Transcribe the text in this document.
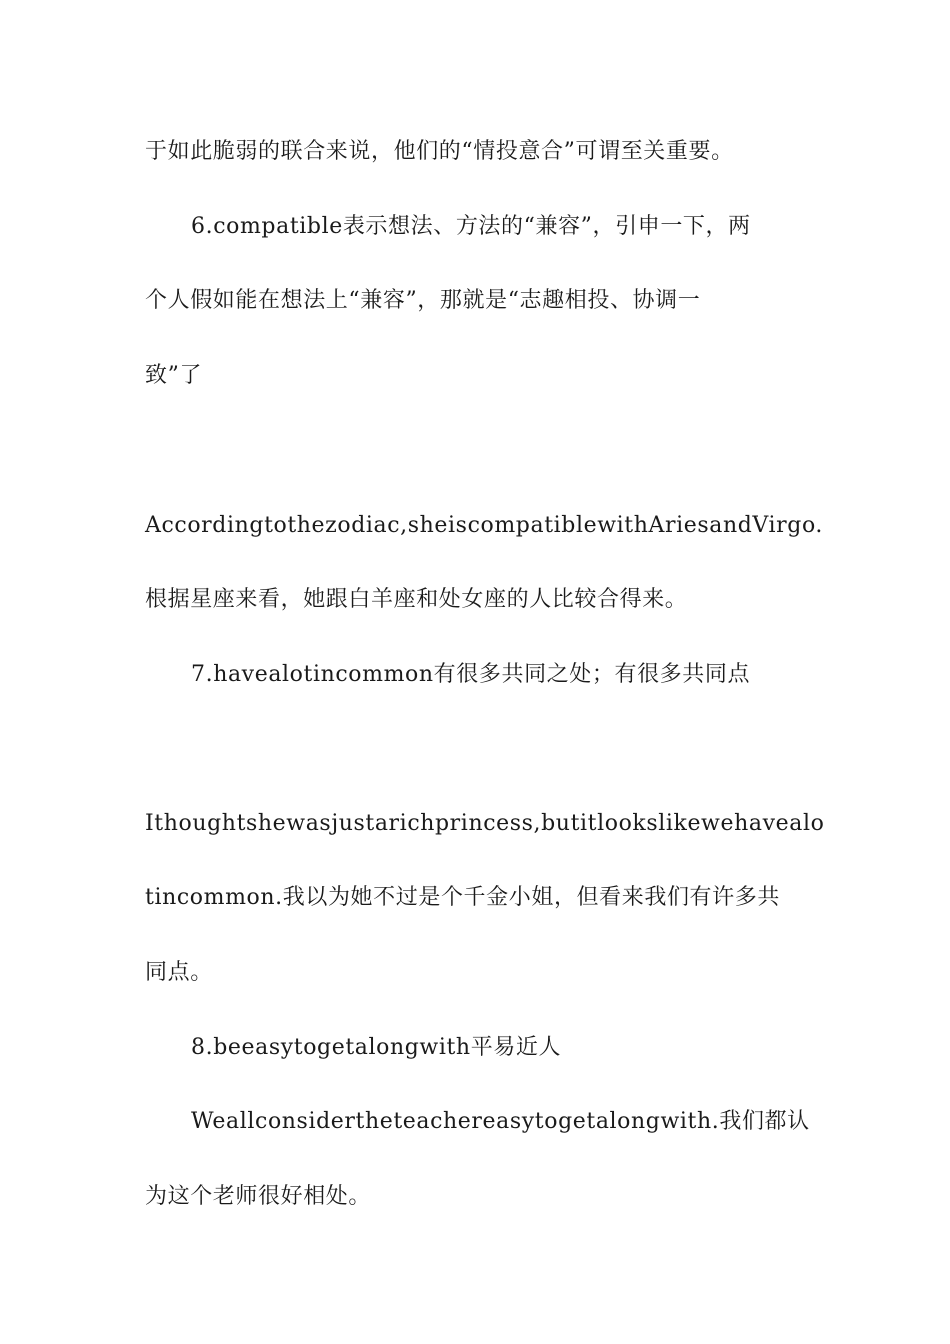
于如此脆弱的联合来说，他们的“情投意合”可谓至关重要。
6.compatible表示想法、方法的“兼容”，引申一下，两
个人假如能在想法上“兼容”，那就是“志趣相投、协调一
致”了
Accordingtothezodiac,sheiscompatiblewithAriesandVirgo.
根据星座来看，她跟白羊座和处女座的人比较合得来。
7.havealotincommon有很多共同之处；有很多共同点
Ithoughtshewasjustarichprincess,butitlookslikewehavealo
tincommon.我以为她不过是个千金小姐，但看来我们有许多共
同点。
8.beeasytogetalongwith平易近人
Weallconsidertheteachereasytogetalongwith.我们都认
为这个老师很好相处。
